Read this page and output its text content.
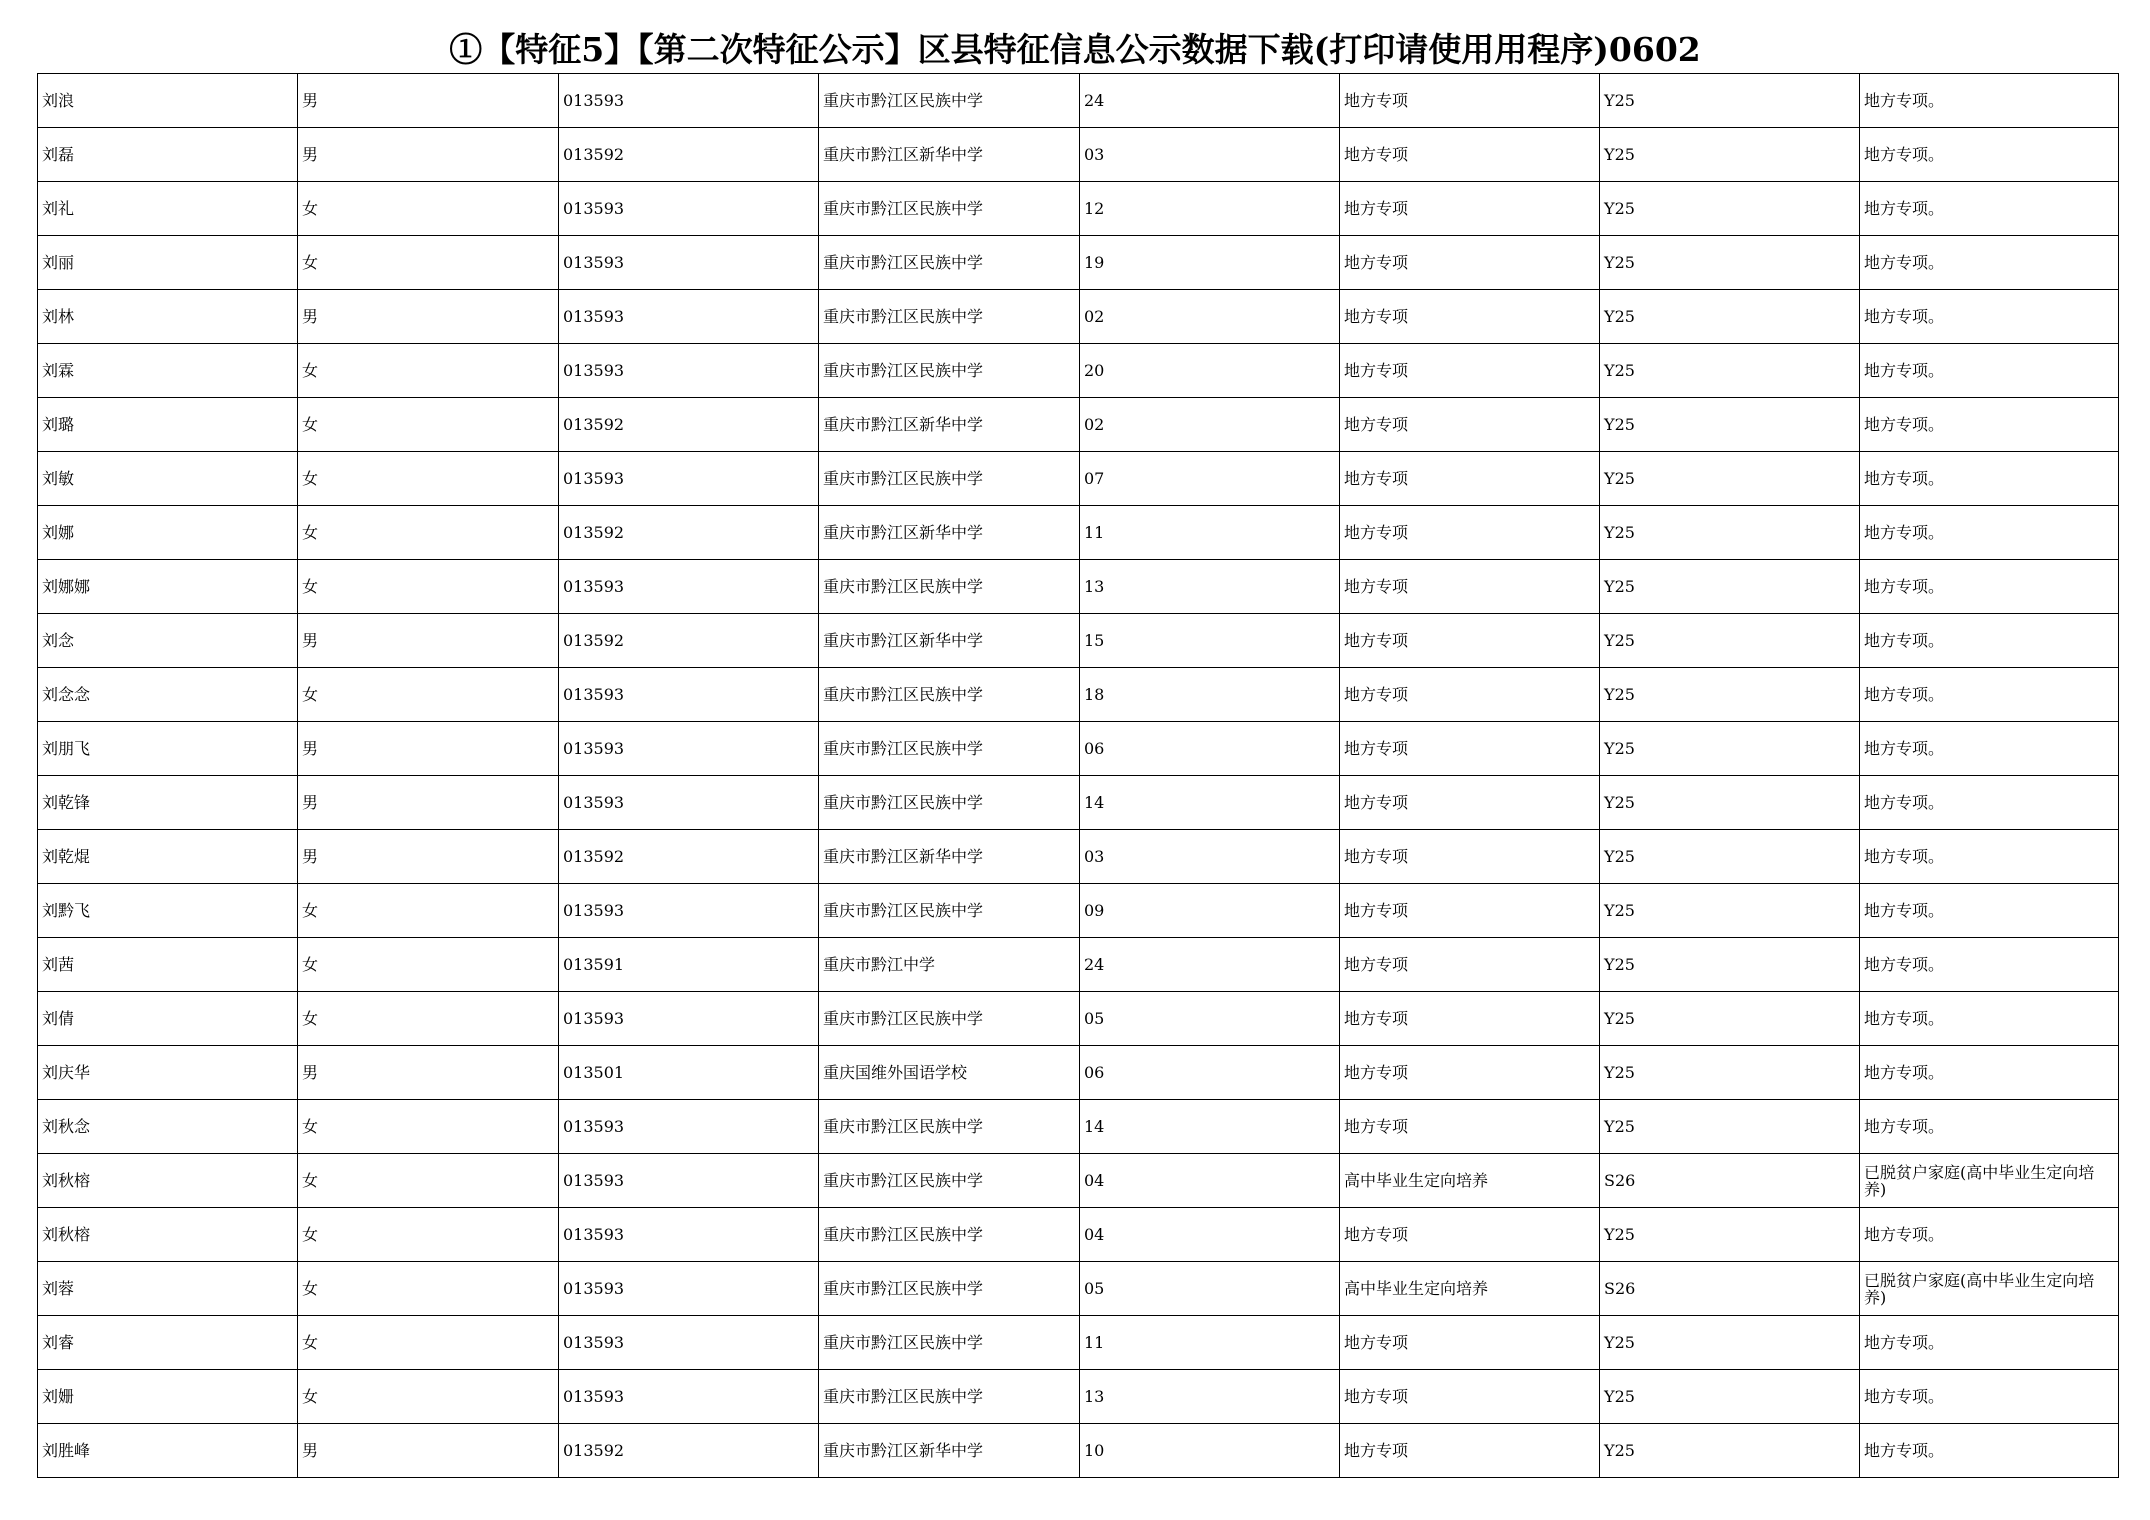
①【特征5】【第二次特征公示】区县特征信息公示数据下载(打印请使用用程序)0602
刘浪	男	013593	重庆市黔江区民族中学	24	地方专项	Y25	地方专项。
刘磊	男	013592	重庆市黔江区新华中学	03	地方专项	Y25	地方专项。
刘礼	女	013593	重庆市黔江区民族中学	12	地方专项	Y25	地方专项。
刘丽	女	013593	重庆市黔江区民族中学	19	地方专项	Y25	地方专项。
刘林	男	013593	重庆市黔江区民族中学	02	地方专项	Y25	地方专项。
刘霖	女	013593	重庆市黔江区民族中学	20	地方专项	Y25	地方专项。
刘璐	女	013592	重庆市黔江区新华中学	02	地方专项	Y25	地方专项。
刘敏	女	013593	重庆市黔江区民族中学	07	地方专项	Y25	地方专项。
刘娜	女	013592	重庆市黔江区新华中学	11	地方专项	Y25	地方专项。
刘娜娜	女	013593	重庆市黔江区民族中学	13	地方专项	Y25	地方专项。
刘念	男	013592	重庆市黔江区新华中学	15	地方专项	Y25	地方专项。
刘念念	女	013593	重庆市黔江区民族中学	18	地方专项	Y25	地方专项。
刘朋飞	男	013593	重庆市黔江区民族中学	06	地方专项	Y25	地方专项。
刘乾锋	男	013593	重庆市黔江区民族中学	14	地方专项	Y25	地方专项。
刘乾焜	男	013592	重庆市黔江区新华中学	03	地方专项	Y25	地方专项。
刘黔飞	女	013593	重庆市黔江区民族中学	09	地方专项	Y25	地方专项。
刘茜	女	013591	重庆市黔江中学	24	地方专项	Y25	地方专项。
刘倩	女	013593	重庆市黔江区民族中学	05	地方专项	Y25	地方专项。
刘庆华	男	013501	重庆国维外国语学校	06	地方专项	Y25	地方专项。
刘秋念	女	013593	重庆市黔江区民族中学	14	地方专项	Y25	地方专项。
刘秋榕	女	013593	重庆市黔江区民族中学	04	高中毕业生定向培养	S26	已脱贫户家庭(高中毕业生定向培养)
刘秋榕	女	013593	重庆市黔江区民族中学	04	地方专项	Y25	地方专项。
刘蓉	女	013593	重庆市黔江区民族中学	05	高中毕业生定向培养	S26	已脱贫户家庭(高中毕业生定向培养)
刘睿	女	013593	重庆市黔江区民族中学	11	地方专项	Y25	地方专项。
刘姗	女	013593	重庆市黔江区民族中学	13	地方专项	Y25	地方专项。
刘胜峰	男	013592	重庆市黔江区新华中学	10	地方专项	Y25	地方专项。
